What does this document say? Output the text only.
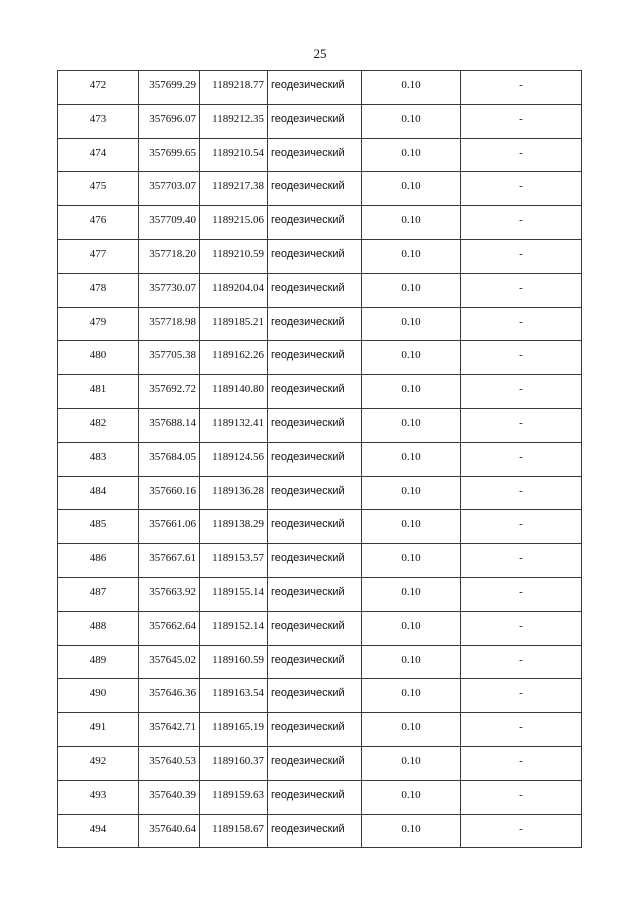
25
472	357699.29	1189218.77	геодезический	0.10	-
473	357696.07	1189212.35	геодезический	0.10	-
474	357699.65	1189210.54	геодезический	0.10	-
475	357703.07	1189217.38	геодезический	0.10	-
476	357709.40	1189215.06	геодезический	0.10	-
477	357718.20	1189210.59	геодезический	0.10	-
478	357730.07	1189204.04	геодезический	0.10	-
479	357718.98	1189185.21	геодезический	0.10	-
480	357705.38	1189162.26	геодезический	0.10	-
481	357692.72	1189140.80	геодезический	0.10	-
482	357688.14	1189132.41	геодезический	0.10	-
483	357684.05	1189124.56	геодезический	0.10	-
484	357660.16	1189136.28	геодезический	0.10	-
485	357661.06	1189138.29	геодезический	0.10	-
486	357667.61	1189153.57	геодезический	0.10	-
487	357663.92	1189155.14	геодезический	0.10	-
488	357662.64	1189152.14	геодезический	0.10	-
489	357645.02	1189160.59	геодезический	0.10	-
490	357646.36	1189163.54	геодезический	0.10	-
491	357642.71	1189165.19	геодезический	0.10	-
492	357640.53	1189160.37	геодезический	0.10	-
493	357640.39	1189159.63	геодезический	0.10	-
494	357640.64	1189158.67	геодезический	0.10	-
